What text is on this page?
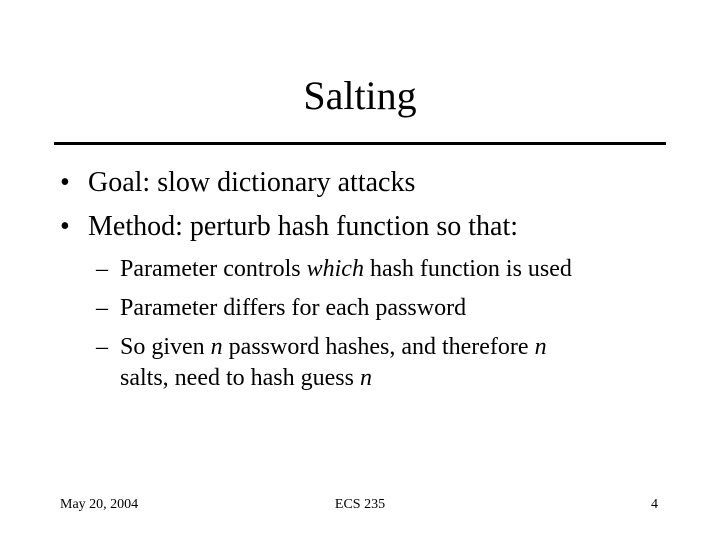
Salting
• Goal: slow dictionary attacks
• Method: perturb hash function so that:
– Parameter controls which hash function is used
– Parameter differs for each password
– So given n password hashes, and therefore n
salts, need to hash guess n
May 20, 2004	ECS 235	4
